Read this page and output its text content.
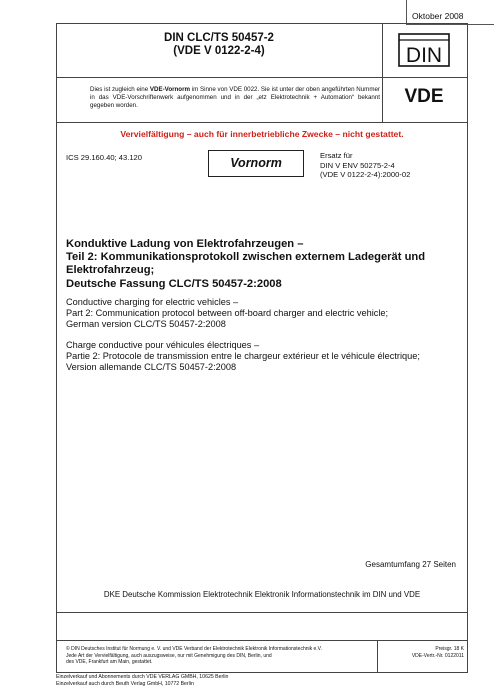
Oktober 2008
DIN CLC/TS 50457-2
(VDE V 0122-2-4)	DIN
VDE
Dies ist zugleich eine VDE-Vornorm im Sinne von VDE 0022. Sie ist unter der oben angeführten Nummer in das VDE-Vorschriftenwerk aufgenommen und in der „etz Elektrotechnik + Automation“ bekannt gegeben worden.
Vervielfältigung – auch für innerbetriebliche Zwecke – nicht gestattet.
ICS 29.160.40; 43.120	Vornorm
Ersatz für
DIN V ENV 50275-2-4
(VDE V 0122-2-4):2000-02
Konduktive Ladung von Elektrofahrzeugen –
Teil 2: Kommunikationsprotokoll zwischen externem Ladegerät und
Elektrofahrzeug;
Deutsche Fassung CLC/TS 50457-2:2008
Conductive charging for electric vehicles –
Part 2: Communication protocol between off-board charger and electric vehicle;
German version CLC/TS 50457-2:2008
Charge conductive pour véhicules électriques –
Partie 2: Protocole de transmission entre le chargeur extérieur et le véhicule électrique;
Version allemande CLC/TS 50457-2:2008
Gesamtumfang 27 Seiten
DKE Deutsche Kommission Elektrotechnik Elektronik Informationstechnik im DIN und VDE
© DIN Deutsches Institut für Normung e. V. und VDE Verband der Elektrotechnik Elektronik Informationstechnik e.V.
Jede Art der Vervielfältigung, auch auszugsweise, nur mit Genehmigung des DIN, Berlin, und
des VDE, Frankfurt am Main, gestattet.
Preisgr. 18 K
VDE-Vertr.-Nr. 0122011
Einzelverkauf und Abonnements durch VDE VERLAG GMBH, 10625 Berlin
Einzelverkauf auch durch Beuth Verlag GmbH, 10772 Berlin
